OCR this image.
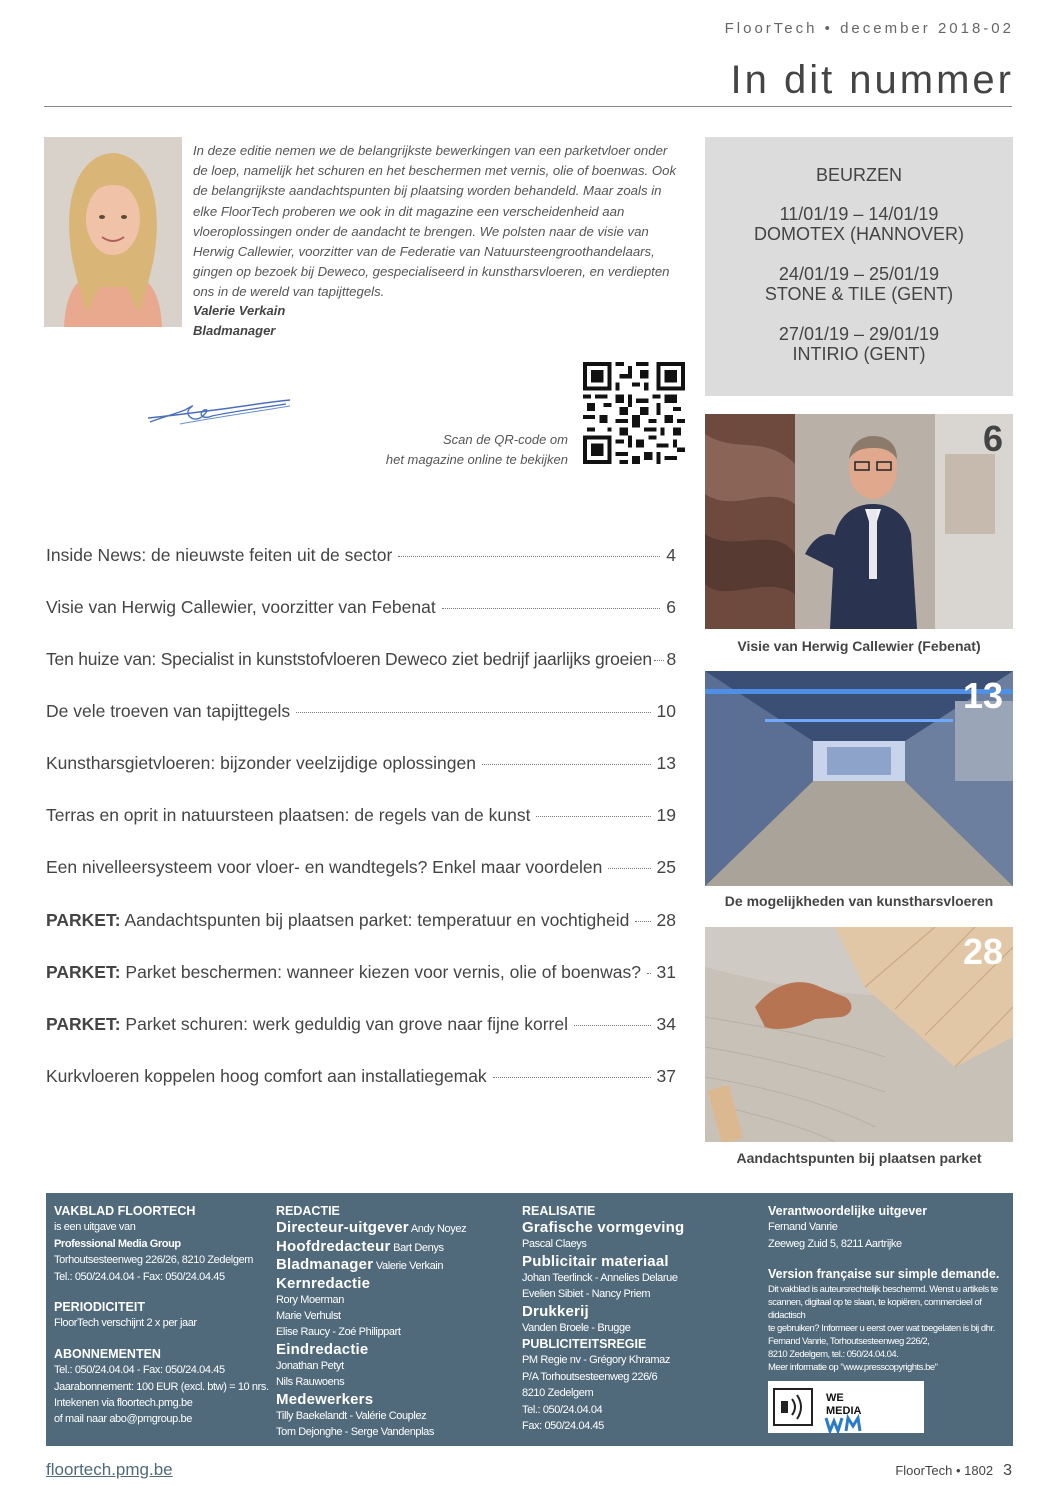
FloorTech • december 2018-02
In dit nummer

In deze editie nemen we de belangrijkste bewerkingen van een parketvloer onder de loep, namelijk het schuren en het beschermen met vernis, olie of boenwas. Ook de belangrijkste aandachtspunten bij plaatsing worden behandeld. Maar zoals in elke FloorTech proberen we ook in dit magazine een verscheidenheid aan vloeroplossingen onder de aandacht te brengen. We polsten naar de visie van Herwig Callewier, voorzitter van de Federatie van Natuursteengroothandelaars, gingen op bezoek bij Deweco, gespecialiseerd in kunstharsvloeren, en verdiepten ons in de wereld van tapijttegels.

Valerie Verkain
Bladmanager
Scan de QR-code om
het magazine online te bekijken
BEURZEN
11/01/19 – 14/01/19
DOMOTEX (HANNOVER)
24/01/19 – 25/01/19
STONE & TILE (GENT)
27/01/19 – 29/01/19
INTIRIO (GENT)
Inside News: de nieuwste feiten uit de sector	4
Visie van Herwig Callewier, voorzitter van Febenat	6
Ten huize van: Specialist in kunststofvloeren Deweco ziet bedrijf jaarlijks groeien 8
De vele troeven van tapijttegels	10
Kunstharsgietvloeren: bijzonder veelzijdige oplossingen	13
Terras en oprit in natuursteen plaatsen: de regels van de kunst	19
Een nivelleersysteem voor vloer- en wandtegels? Enkel maar voordelen	25
PARKET: Aandachtspunten bij plaatsen parket: temperatuur en vochtigheid 28
PARKET: Parket beschermen: wanneer kiezen voor vernis, olie of boenwas? 31
PARKET: Parket schuren: werk geduldig van grove naar fijne korrel	34
Kurkvloeren koppelen hoog comfort aan installatiegemak	37
6
Visie van Herwig Callewier (Febenat)
13
De mogelijkheden van kunstharsvloeren
28
Aandachtspunten bij plaatsen parket
VAKBLAD FLOORTECH
is een uitgave van
Professional Media Group
Torhoutsesteenweg 226/26, 8210 Zedelgem
Tel.: 050/24.04.04 - Fax: 050/24.04.45
PERIODICITEIT
FloorTech verschijnt 2 x per jaar
ABONNEMENTEN
Tel.: 050/24.04.04 - Fax: 050/24.04.45
Jaarabonnement: 100 EUR (excl. btw) = 10 nrs.
Intekenen via floortech.pmg.be
of mail naar abo@pmgroup.be
REDACTIE
Directeur-uitgever Andy Noyez
Hoofdredacteur Bart Denys
Bladmanager Valerie Verkain
Kernredactie
Rory Moerman
Marie Verhulst
Elise Raucy - Zoé Philippart
Eindredactie
Jonathan Petyt
Nils Rauwoens
Medewerkers
Tilly Baekelandt - Valérie Couplez
Tom Dejonghe - Serge Vandenplas
REALISATIE
Grafische vormgeving
Pascal Claeys
Publicitair materiaal
Johan Teerlinck - Annelies Delarue
Evelien Sibiet - Nancy Priem
Drukkerij
Vanden Broele - Brugge
PUBLICITEITSREGIE
PM Regie nv - Grégory Khramaz
P/A Torhoutsesteenweg 226/6
8210 Zedelgem
Tel.: 050/24.04.04
Fax: 050/24.04.45
Verantwoordelijke uitgever
Fernand Vanrie
Zeeweg Zuid 5, 8211 Aartrijke
Version française sur simple demande.
Dit vakblad is auteursrechtelijk beschermd. Wenst u artikels te
scannen, digitaal op te slaan, te kopiëren, commercieel of didactisch
te gebruiken? Informeer u eerst over wat toegelaten is bij dhr.
Fernand Vanrie, Torhoutsesteenweg 226/2,
8210 Zedelgem, tel.: 050/24.04.04.
Meer informatie op "www.presscopyrights.be"
WE
MEDIA
floortech.pmg.be	FloorTech • 1802 3
